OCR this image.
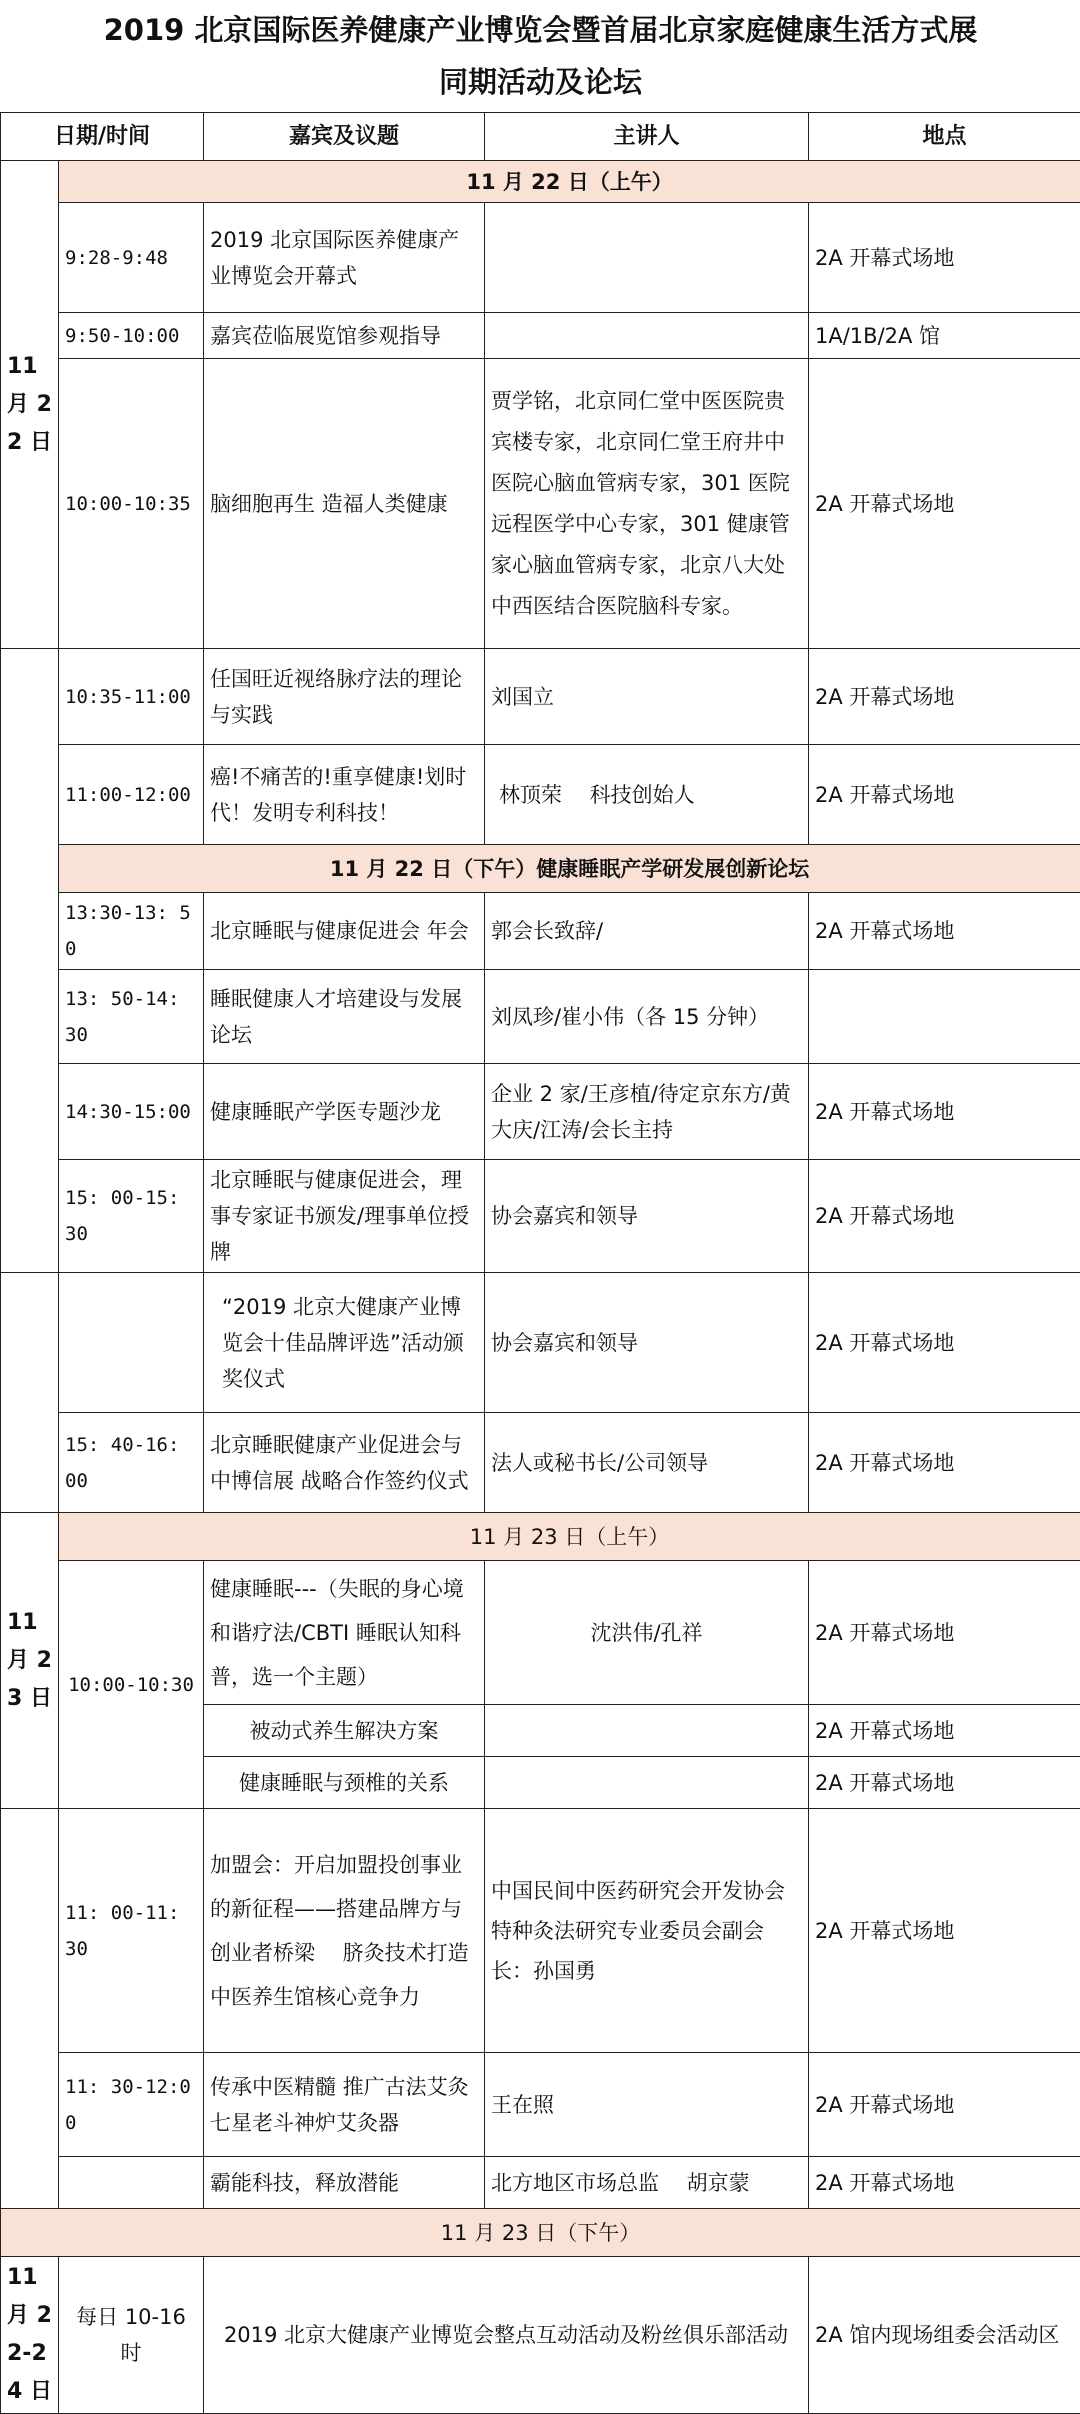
2019 北京国际医养健康产业博览会暨首届北京家庭健康生活方式展
同期活动及论坛				

日期/时间		嘉宾及议题	主讲人	地点
11 月 22 日	11 月 22 日（上午）			
	9:28-9:48	2019 北京国际医养健康产业博览会开幕式		2A 开幕式场地
	9:50-10:00	嘉宾莅临展览馆参观指导		1A/1B/2A 馆
	10:00-10:35	脑细胞再生 造福人类健康	贾学铭，北京同仁堂中医医院贵宾楼专家，北京同仁堂王府井中医院心脑血管病专家，301 医院远程医学中心专家，301 健康管家心脑血管病专家，北京八大处中西医结合医院脑科专家。	2A 开幕式场地
	10:35-11:00	任国旺近视络脉疗法的理论与实践	刘国立	2A 开幕式场地
	11:00-12:00	癌!不痛苦的!重享健康!划时代！发明专利科技！	林顶荣　 科技创始人	2A 开幕式场地
	11 月 22 日（下午）健康睡眠产学研发展创新论坛			
	13:30-13: 50	北京睡眠与健康促进会 年会	郭会长致辞/	2A 开幕式场地
	13: 50-14: 30	睡眠健康人才培建设与发展论坛	刘凤珍/崔小伟（各 15 分钟）	
	14:30-15:00	健康睡眠产学医专题沙龙	企业 2 家/王彦植/待定京东方/黄大庆/江涛/会长主持	2A 开幕式场地
	15: 00-15: 30	北京睡眠与健康促进会，理事专家证书颁发/理事单位授牌	协会嘉宾和领导	2A 开幕式场地
		“2019 北京大健康产业博览会十佳品牌评选”活动颁奖仪式	协会嘉宾和领导	2A 开幕式场地
	15: 40-16: 00	北京睡眠健康产业促进会与中博信展 战略合作签约仪式	法人或秘书长/公司领导	2A 开幕式场地
11 月 23 日	11 月 23 日（上午）			
	10:00-10:30	健康睡眠---（失眠的身心境和谐疗法/CBTI 睡眠认知科普，选一个主题）	沈洪伟/孔祥	2A 开幕式场地
		被动式养生解决方案		2A 开幕式场地
		健康睡眠与颈椎的关系		2A 开幕式场地
	11: 00-11: 30	加盟会：开启加盟投创事业的新征程——搭建品牌方与创业者桥梁　 脐灸技术打造中医养生馆核心竞争力	中国民间中医药研究会开发协会特种灸法研究专业委员会副会长：孙国勇	2A 开幕式场地
	11: 30-12:00	传承中医精髓 推广古法艾灸七星老斗神炉艾灸器	王在照	2A 开幕式场地
		霸能科技，释放潜能	北方地区市场总监　 胡京蒙	2A 开幕式场地
11 月 23 日（下午）				
11 月 22-24 日	每日 10-16 时	2019 北京大健康产业博览会整点互动活动及粉丝俱乐部活动		2A 馆内现场组委会活动区
